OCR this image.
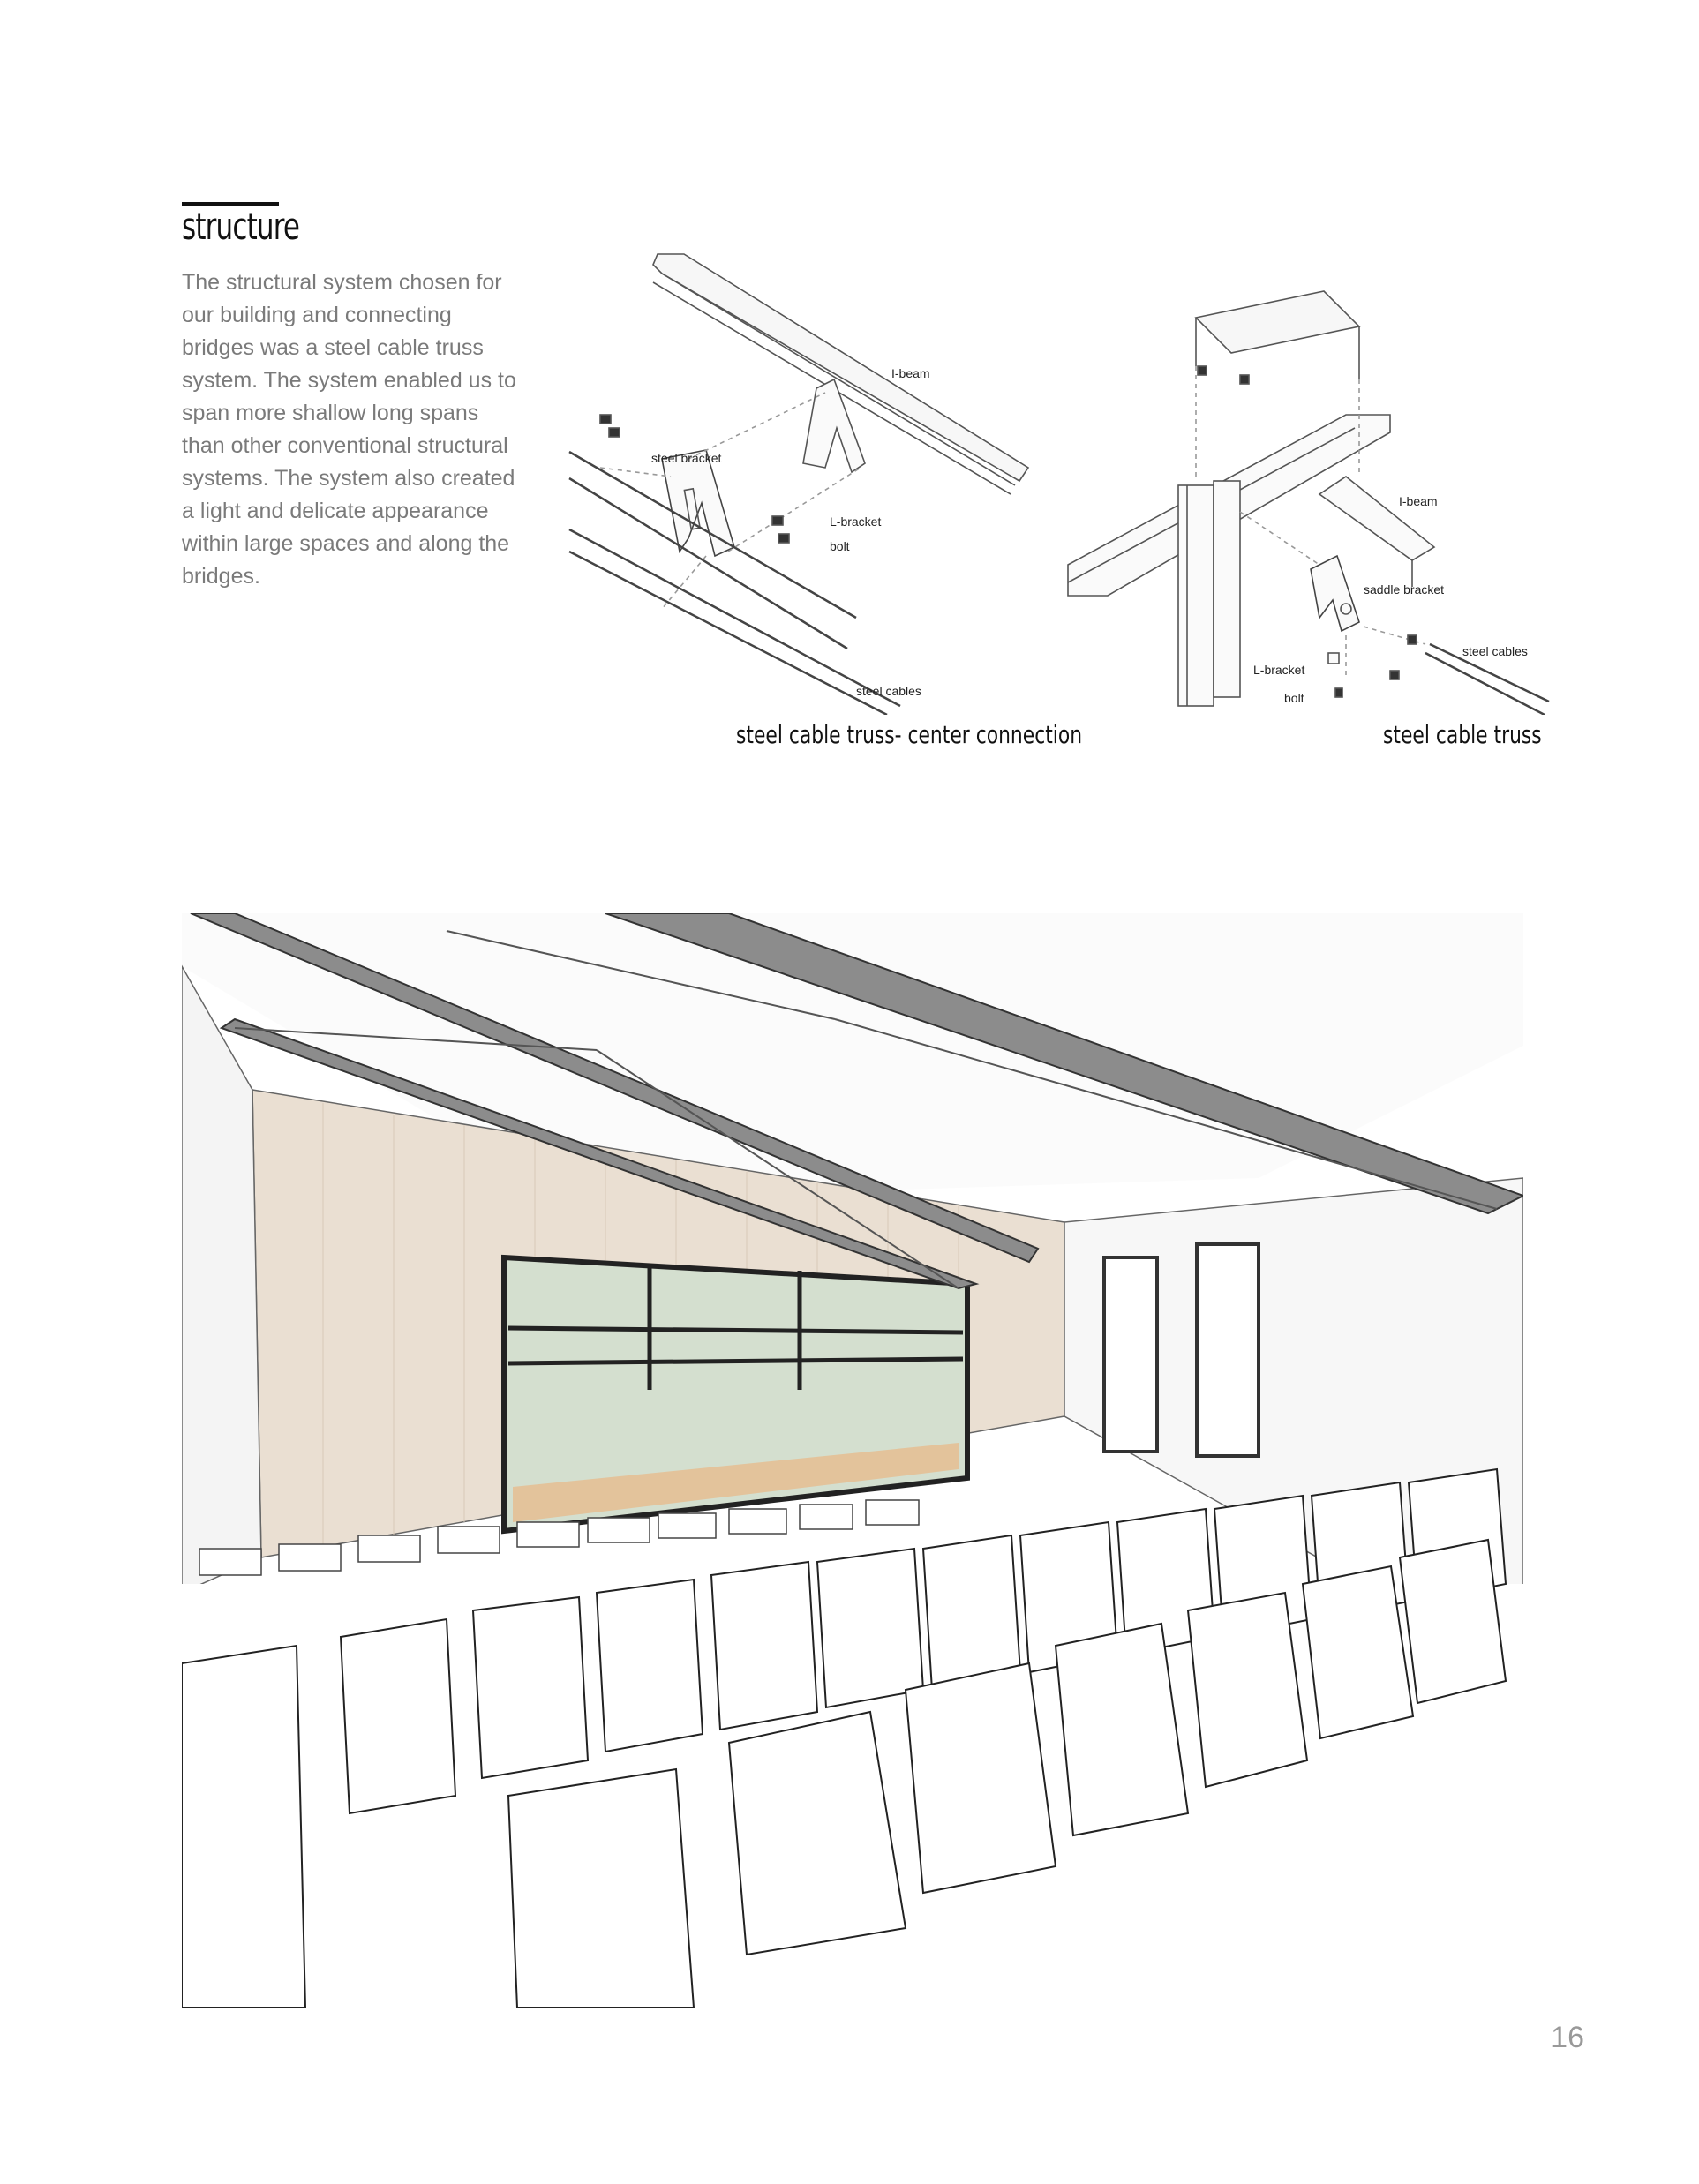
structure
The structural system chosen for our building and connecting bridges was a steel cable truss system. The system enabled us to span more shallow long spans than other conventional structural systems. The system also created a light and delicate appearance within large spaces and along the bridges.
I-beam
steel bracket
L-bracket
bolt
steel cables
I-beam
saddle bracket
steel cables
L-bracket
bolt
steel cable truss- center connection	steel cable truss
16
